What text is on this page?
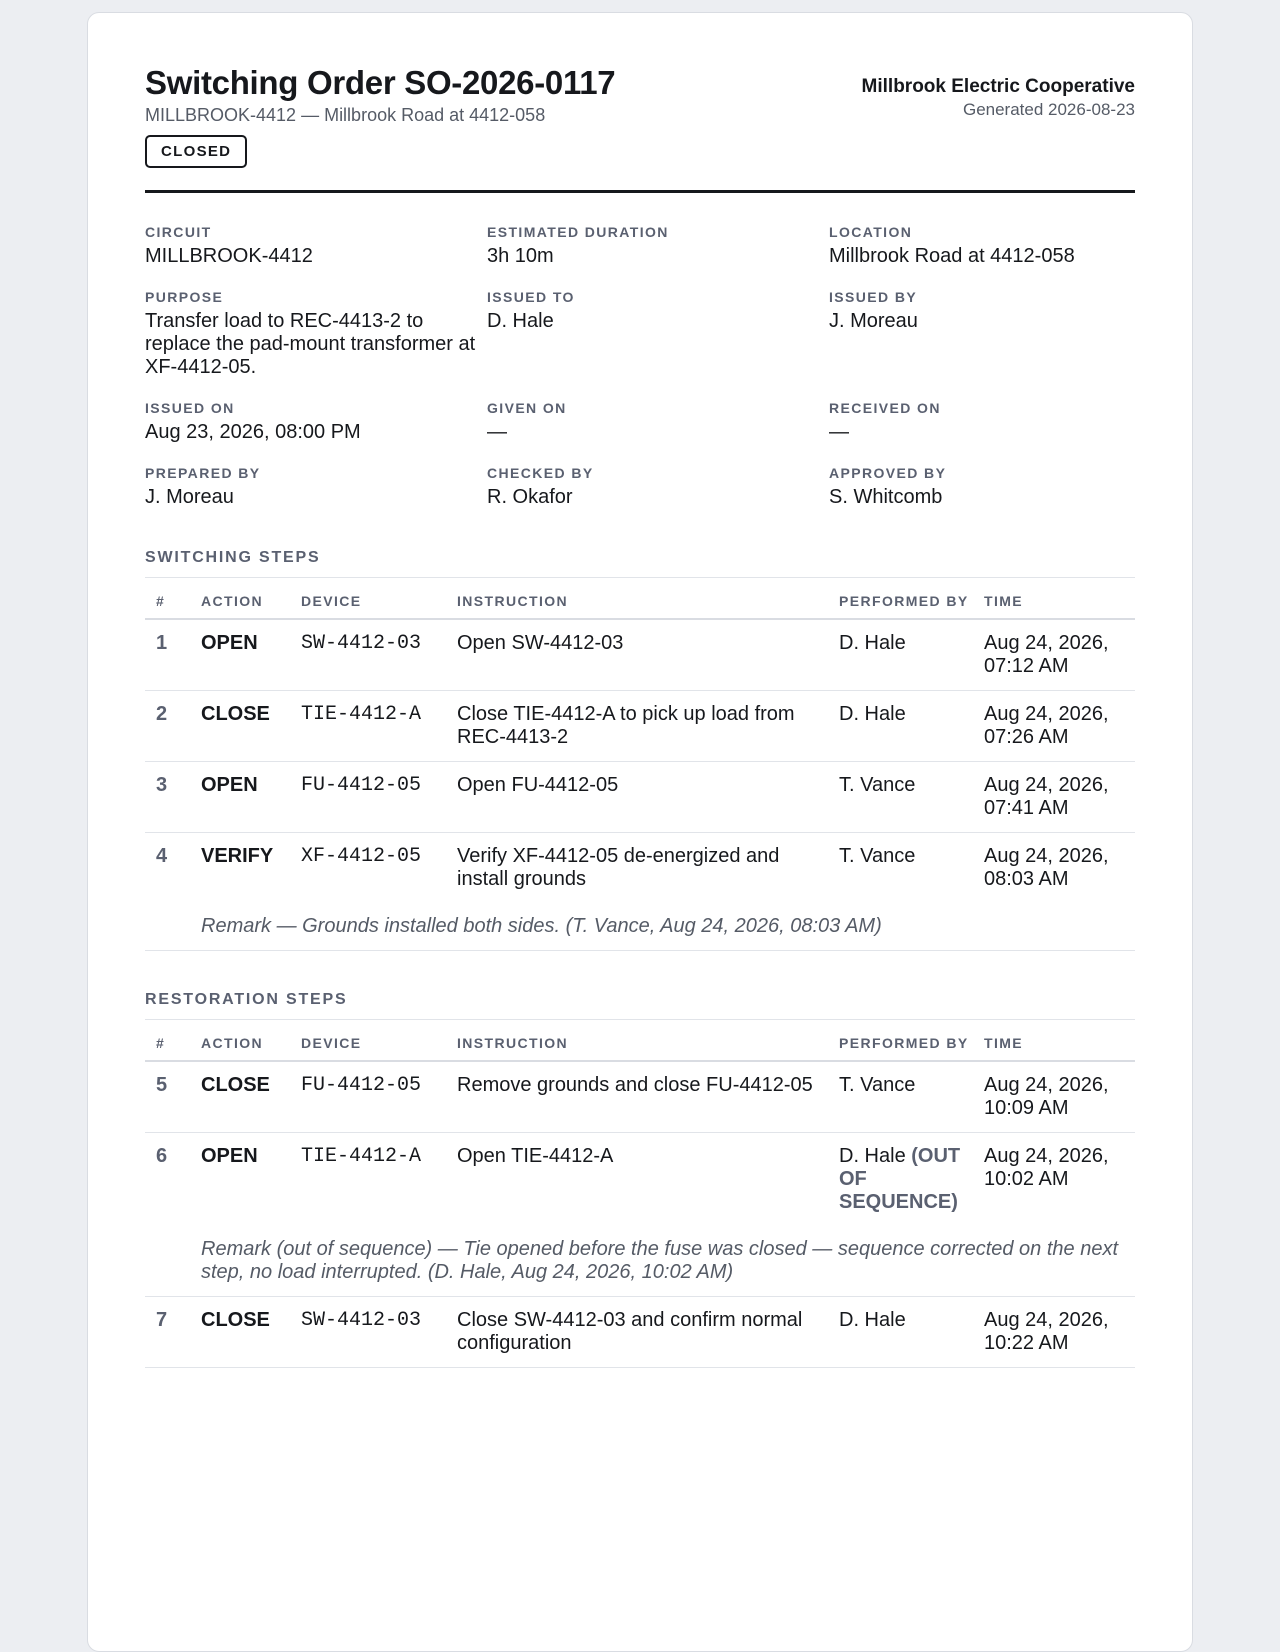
Switching Order SO-2026-0117
MILLBROOK-4412 — Millbrook Road at 4412-058
CLOSED
Millbrook Electric Cooperative
Generated 2026-08-23
CIRCUIT
MILLBROOK-4412
ESTIMATED DURATION
3h 10m
LOCATION
Millbrook Road at 4412-058
PURPOSE
Transfer load to REC-4413-2 to replace the pad-mount transformer at XF-4412-05.
ISSUED TO
D. Hale
ISSUED BY
J. Moreau
ISSUED ON
Aug 23, 2026, 08:00 PM
GIVEN ON
—
RECEIVED ON
—
PREPARED BY
J. Moreau
CHECKED BY
R. Okafor
APPROVED BY
S. Whitcomb
SWITCHING STEPS
#	ACTION	DEVICE	INSTRUCTION	PERFORMED BY	TIME
1	OPEN	SW-4412-03	Open SW-4412-03	D. Hale	Aug 24, 2026, 07:12 AM
2	CLOSE	TIE-4412-A	Close TIE-4412-A to pick up load from REC-4413-2	D. Hale	Aug 24, 2026, 07:26 AM
3	OPEN	FU-4412-05	Open FU-4412-05	T. Vance	Aug 24, 2026, 07:41 AM
4	VERIFY	XF-4412-05	Verify XF-4412-05 de-energized and install grounds	T. Vance	Aug 24, 2026, 08:03 AM
	Remark — Grounds installed both sides. (T. Vance, Aug 24, 2026, 08:03 AM)				
RESTORATION STEPS
#	ACTION	DEVICE	INSTRUCTION	PERFORMED BY	TIME
5	CLOSE	FU-4412-05	Remove grounds and close FU-4412-05	T. Vance	Aug 24, 2026, 10:09 AM
6	OPEN	TIE-4412-A	Open TIE-4412-A	D. Hale (OUT OF SEQUENCE)	Aug 24, 2026, 10:02 AM
	Remark (out of sequence) — Tie opened before the fuse was closed — sequence corrected on the next step, no load interrupted. (D. Hale, Aug 24, 2026, 10:02 AM)				
7	CLOSE	SW-4412-03	Close SW-4412-03 and confirm normal configuration	D. Hale	Aug 24, 2026, 10:22 AM
